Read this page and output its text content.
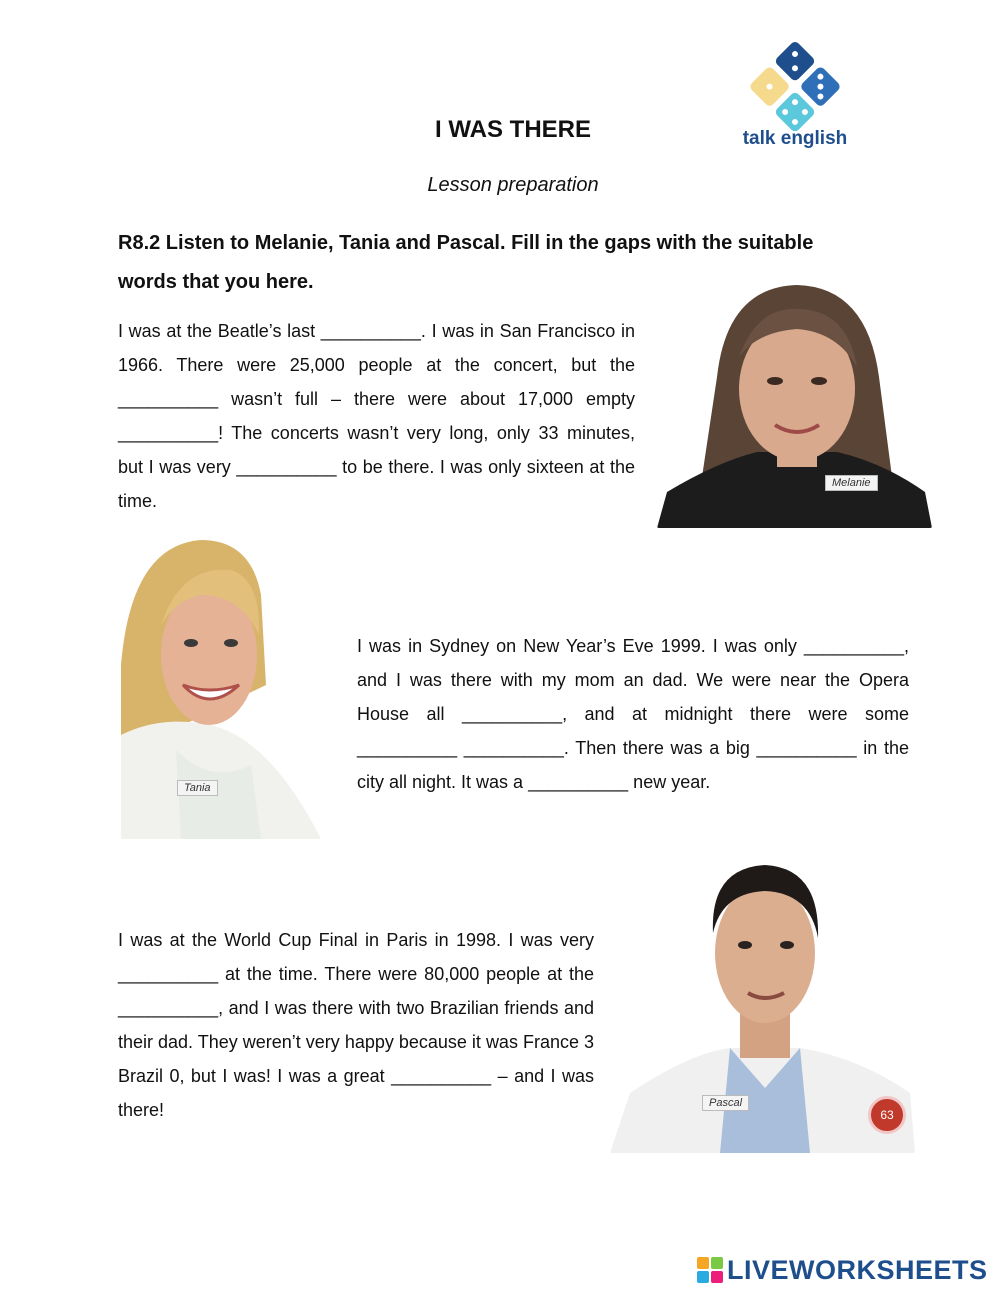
talk english
I WAS THERE
Lesson preparation
R8.2 Listen to Melanie, Tania and Pascal. Fill in the gaps with the suitable words that you here.
I was at the Beatle’s last __________. I was in San Francisco in 1966. There were 25,000 people at the concert, but the __________ wasn’t full – there were about 17,000 empty __________! The concerts wasn’t very long, only 33 minutes, but I was very __________ to be there. I was only sixteen at the time.
Melanie
Tania
I was in Sydney on New Year’s Eve 1999. I was only __________, and I was there with my mom an dad. We were near the Opera House all __________, and at midnight there were some __________ __________. Then there was a big __________ in the city all night. It was a __________ new year.
I was at the World Cup Final in Paris in 1998. I was very __________ at the time. There were 80,000 people at the __________, and I was there with two Brazilian friends and their dad. They weren’t very happy because it was France 3 Brazil 0, but I was! I was a great __________ – and I was there!	Pascal
63
LIVEWORKSHEETS
